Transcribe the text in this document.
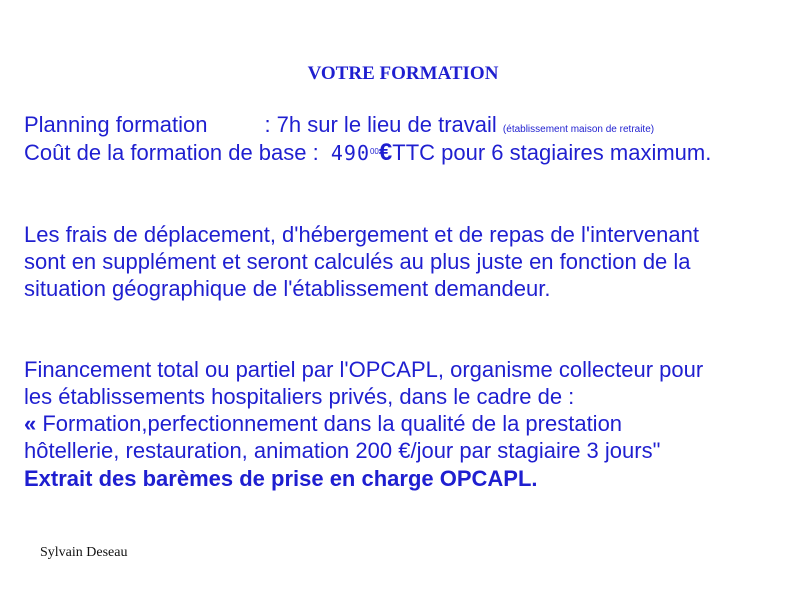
VOTRE FORMATION
Planning formation	: 7h sur le lieu de travail (établissement maison de retraite)
Coût de la formation de base : $490^{00}€TTC$ pour 6 stagiaires maximum.
Les frais de déplacement, d'hébergement et de repas de l'intervenant
sont en supplément et seront calculés au plus juste en fonction de la
situation géographique de l'établissement demandeur.
Financement total ou partiel par l'OPCAPL, organisme collecteur pour
les établissements hospitaliers privés, dans le cadre de :
« Formation,perfectionnement dans la qualité de la prestation
hôtellerie, restauration, animation 200 €/jour par stagiaire 3 jours"
Extrait des barèmes de prise en charge OPCAPL.
Sylvain Deseau
